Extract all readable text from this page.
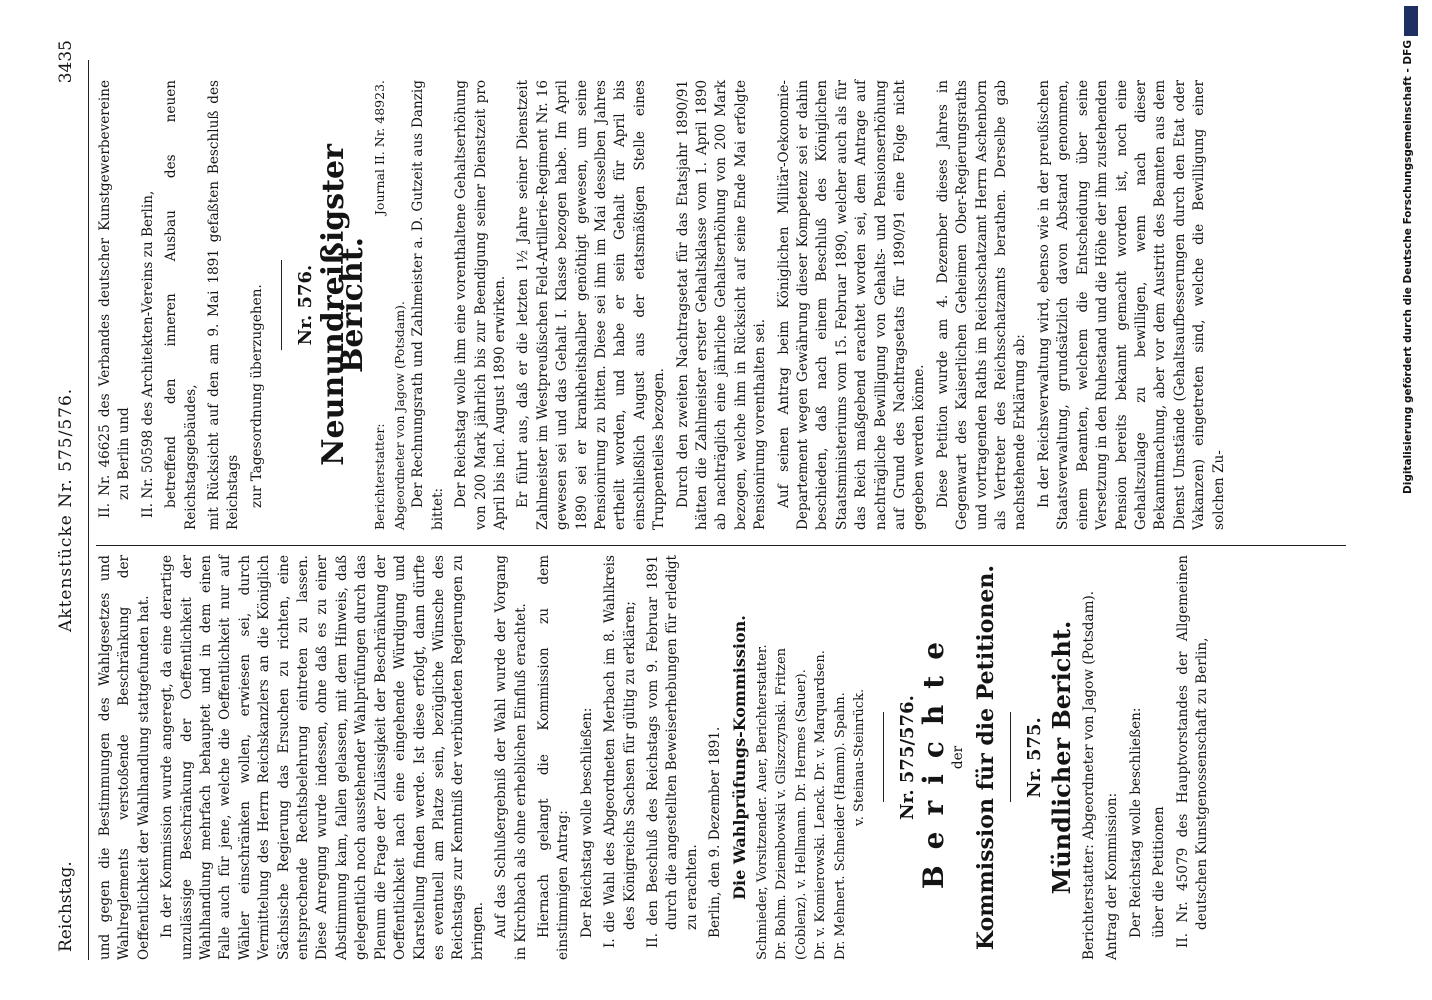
Reichstag.
Aktenstücke Nr. 575/576.
3435

und gegen die Bestimmungen des Wahlgesetzes und Wahlreglements verstoßende Beschränkung der Oeffentlichkeit der Wahlhandlung stattgefunden hat. In der Kommission wurde angeregt, da eine derartige unzulässige Beschränkung der Oeffentlichkeit der Wahlhandlung mehrfach behauptet und in dem einen Falle auch für jene, welche die Oeffentlichkeit nur auf Wähler einschränken wollen, erwiesen sei, durch Vermittelung des Herrn Reichskanzlers an die Königlich Sächsische Regierung das Ersuchen zu richten, eine entsprechende Rechtsbelehrung eintreten zu lassen. Diese Anregung wurde indessen, ohne daß es zu einer Abstimmung kam, fallen gelassen, mit dem Hinweis, daß gelegentlich noch ausstehender Wahlprüfungen durch das Plenum die Frage der Zulässigkeit der Beschränkung der Oeffentlichkeit nach eine eingehende Würdigung und Klarstellung finden werde. Ist diese erfolgt, dann dürfte es eventuell am Platze sein, bezügliche Wünsche des Reichstags zur Kenntniß der verbündeten Regierungen zu bringen. Auf das Schlußergebniß der Wahl wurde der Vorgang in Kirchbach als ohne erheblichen Einfluß erachtet. Hiernach gelangt die Kommission zu dem einstimmigen Antrag: Der Reichstag wolle beschließen: I. die Wahl des Abgeordneten Merbach im 8. Wahlkreis des Königreichs Sachsen für gültig zu erklären; II. den Beschluß des Reichstags vom 9. Februar 1891 durch die angestellten Beweiserhebungen für erledigt zu erachten. Berlin, den 9. Dezember 1891. Die Wahlprüfungs-Kommission. Schmieder, Vorsitzender. Auer, Berichterstatter. Dr. Bohm. Dziembowski v. Gliszczynski. Fritzen (Coblenz). v. Hellmann. Dr. Hermes (Sauer). Dr. v. Komierowski. Lenck. Dr. v. Marquardsen. Dr. Mehnert. Schneider (Hamm). Spahn. v. Steinau-Steinrück. Nr. 575/576.
Berichte der Kommission für die Petitionen. Nr. 575. Mündlicher Bericht. Berichterstatter: Abgeordneter von Jagow (Potsdam). Antrag der Kommission: Der Reichstag wolle beschließen: über die Petitionen II. Nr. 45079 des Hauptvorstandes der Allgemeinen deutschen Kunstgenossenschaft zu Berlin,

II. Nr. 46625 des Verbandes deutscher Kunstgewerbevereine zu Berlin und II. Nr. 50598 des Architekten-Vereins zu Berlin, betreffend den inneren Ausbau des neuen Reichstagsgebäudes, mit Rücksicht auf den am 9. Mai 1891 gefaßten Beschluß des Reichstags zur Tagesordnung überzugehen. Nr. 576. Neunundreißigster Bericht.
Berichterstatter: Abgeordneter von Jagow (Potsdam).
Journal II. Nr. 48923.	Der Rechnungsrath und Zahlmeister a. D. Gutzeit aus Danzig bittet:

Der Reichstag wolle ihm eine vorenthaltene Gehaltserhöhung von 200 Mark jährlich bis zur Beendigung seiner Dienstzeit pro April bis incl. August 1890 erwirken. Er führt aus, daß er die letzten 1½ Jahre seiner Dienstzeit Zahlmeister im Westpreußischen Feld-Artillerie-Regiment Nr. 16 gewesen sei und das Gehalt I. Klasse bezogen habe. Im April 1890 sei er krankheitshalber genöthigt gewesen, um seine Pensionirung zu bitten. Diese sei ihm im Mai desselben Jahres ertheilt worden, und habe er sein Gehalt für April bis einschließlich August aus der etatsmäßigen Stelle eines Truppenteiles bezogen. Durch den zweiten Nachtragsetat für das Etatsjahr 1890/91 hätten die Zahlmeister erster Gehaltsklasse vom 1. April 1890 ab nachträglich eine jährliche Gehaltserhöhung von 200 Mark bezogen, welche ihm in Rücksicht auf seine Ende Mai erfolgte Pensionirung vorenthalten sei. Auf seinen Antrag beim Königlichen Militär-Oekonomie-Departement wegen Gewährung dieser Kompetenz sei er dahin beschieden, daß nach einem Beschluß des Königlichen Staatsministeriums vom 15. Februar 1890, welcher auch als für das Reich maßgebend erachtet worden sei, dem Antrage auf nachträgliche Bewilligung von Gehalts- und Pensionserhöhung auf Grund des Nachtragsetats für 1890/91 eine Folge nicht gegeben werden könne. Diese Petition wurde am 4. Dezember dieses Jahres in Gegenwart des Kaiserlichen Geheimen Ober-Regierungsraths und vortragenden Raths im Reichsschatzamt Herrn Aschenborn als Vertreter des Reichsschatzamts berathen. Derselbe gab nachstehende Erklärung ab: In der Reichsverwaltung wird, ebenso wie in der preußischen Staatsverwaltung, grundsätzlich davon Abstand genommen, einem Beamten, welchem die Entscheidung über seine Versetzung in den Ruhestand und die Höhe der ihm zustehenden Pension bereits bekannt gemacht worden ist, noch eine Gehaltszulage zu bewilligen, wenn nach dieser Bekanntmachung, aber vor dem Austritt des Beamten aus dem Dienst Umstände (Gehaltsaufbesserungen durch den Etat oder Vakanzen) eingetreten sind, welche die Bewilligung einer solchen Zu-	Digitalisierung gefördert durch die Deutsche Forschungsgemeinschaft - DFG
